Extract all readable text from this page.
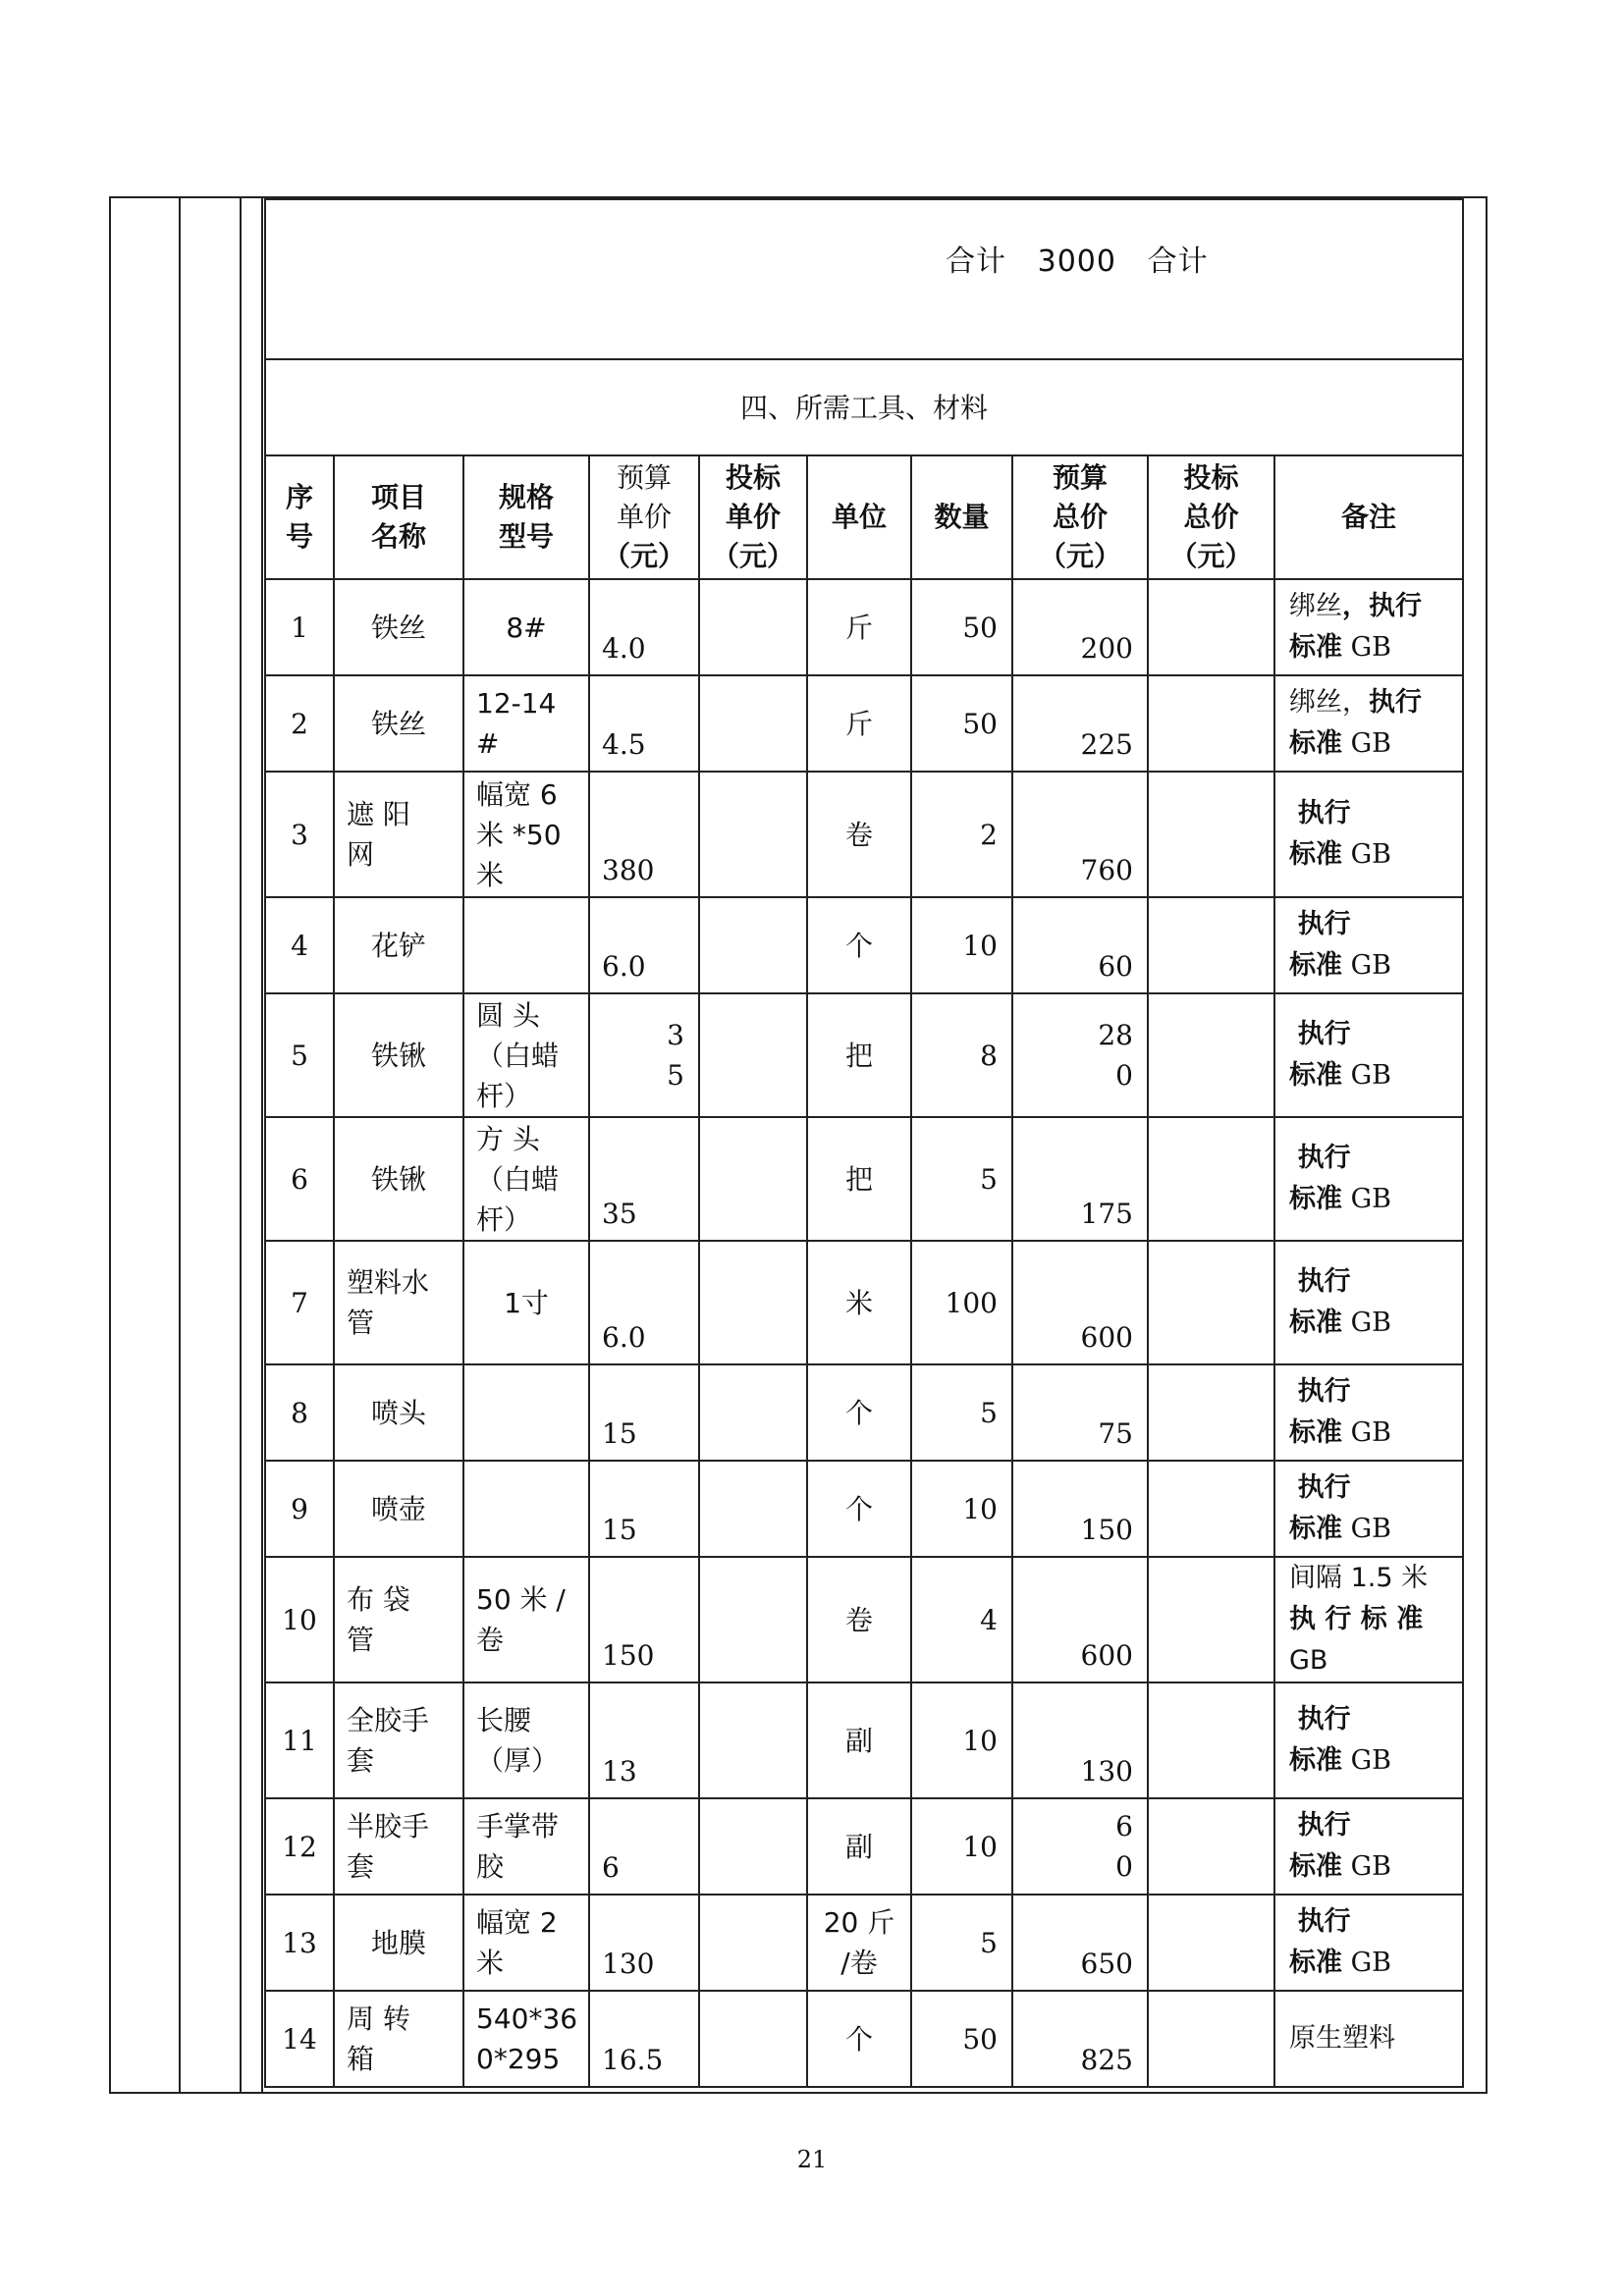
合计   3000   合计									

四、所需工具、材料									
序
号	项目
名称	规格
型号	预算
单价
（元）	投标
单价
（元）	单位	数量	预算
总价
（元）	投标
总价
（元）	备注
1	铁丝	8#	4.0		斤	50	200		绑丝，执行
标准 GB
2	铁丝	12-14
#	4.5		斤	50	225		绑丝，执行
标准 GB
3	遮 阳
网	幅宽 6
米 *50
米	380		卷	2	760		执行
标准 GB
4	花铲		6.0		个	10	60		执行
标准 GB
5	铁锹	圆 头
（白蜡
杆）	3
5		把	8	28
0		执行
标准 GB
6	铁锹	方 头
（白蜡
杆）	35		把	5	175		执行
标准 GB
7	塑料水
管	1寸	6.0		米	100	600		执行
标准 GB
8	喷头		15		个	5	75		执行
标准 GB
9	喷壶		15		个	10	150		执行
标准 GB
10	布 袋
管	50 米 /
卷	150		卷	4	600		间隔 1.5 米
执 行 标 准
GB
11	全胶手
套	长腰
（厚）	13		副	10	130		执行
标准 GB
12	半胶手
套	手掌带
胶	6		副	10	6
0		执行
标准 GB
13	地膜	幅宽 2
米	130		20 斤
/卷	5	650		执行
标准 GB
14	周 转
箱	540*36
0*295	16.5		个	50	825		原生塑料
21
